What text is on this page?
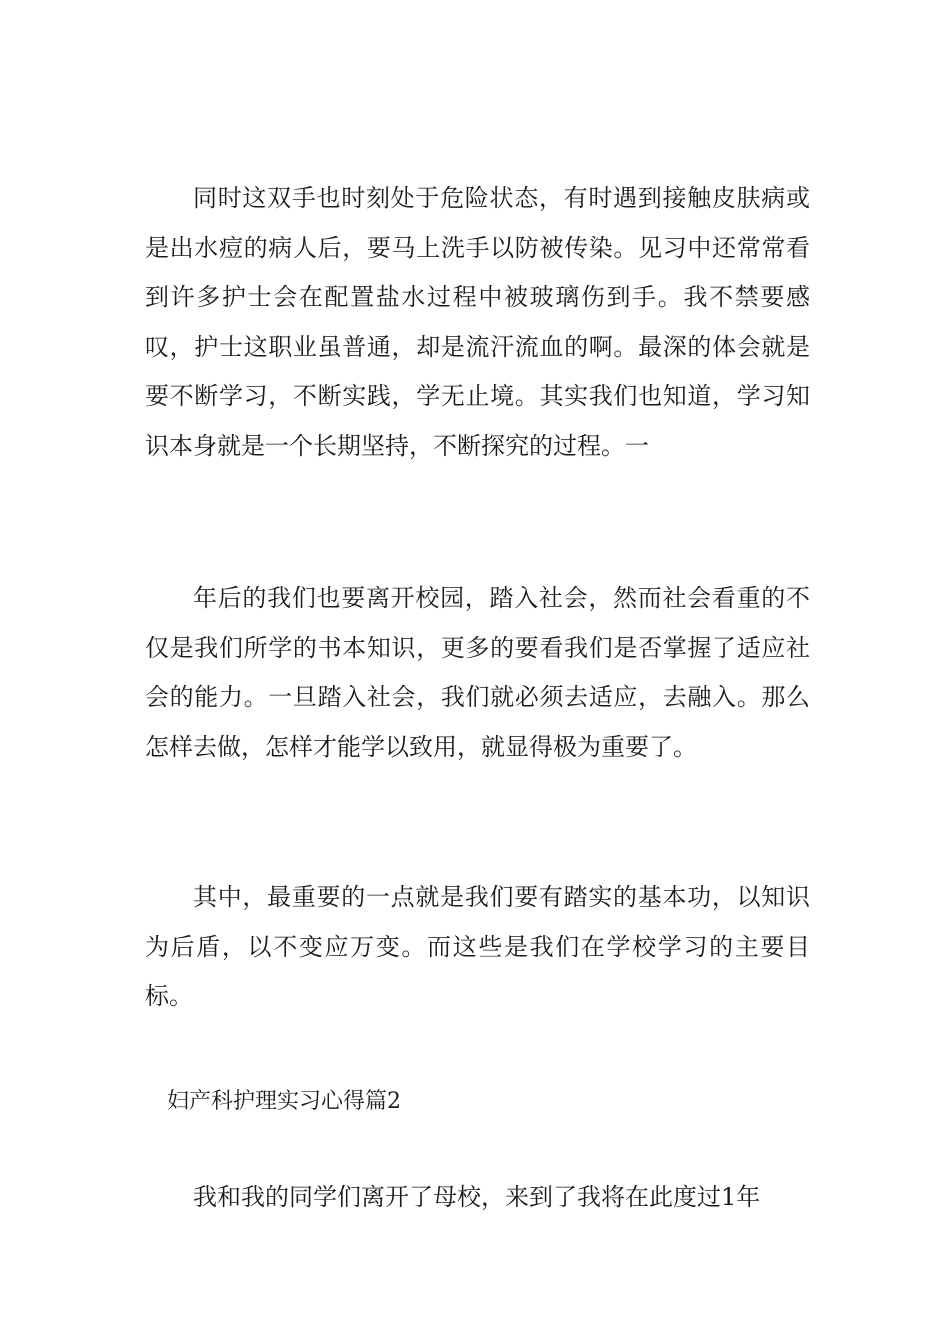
同时这双手也时刻处于危险状态，有时遇到接触皮肤病或是出水痘的病人后，要马上洗手以防被传染。见习中还常常看到许多护士会在配置盐水过程中被玻璃伤到手。我不禁要感叹，护士这职业虽普通，却是流汗流血的啊。最深的体会就是要不断学习，不断实践，学无止境。其实我们也知道，学习知识本身就是一个长期坚持，不断探究的过程。一

年后的我们也要离开校园，踏入社会，然而社会看重的不仅是我们所学的书本知识，更多的要看我们是否掌握了适应社会的能力。一旦踏入社会，我们就必须去适应，去融入。那么怎样去做，怎样才能学以致用，就显得极为重要了。

其中，最重要的一点就是我们要有踏实的基本功，以知识为后盾，以不变应万变。而这些是我们在学校学习的主要目标。

妇产科护理实习心得篇2

我和我的同学们离开了母校，来到了我将在此度过1年
